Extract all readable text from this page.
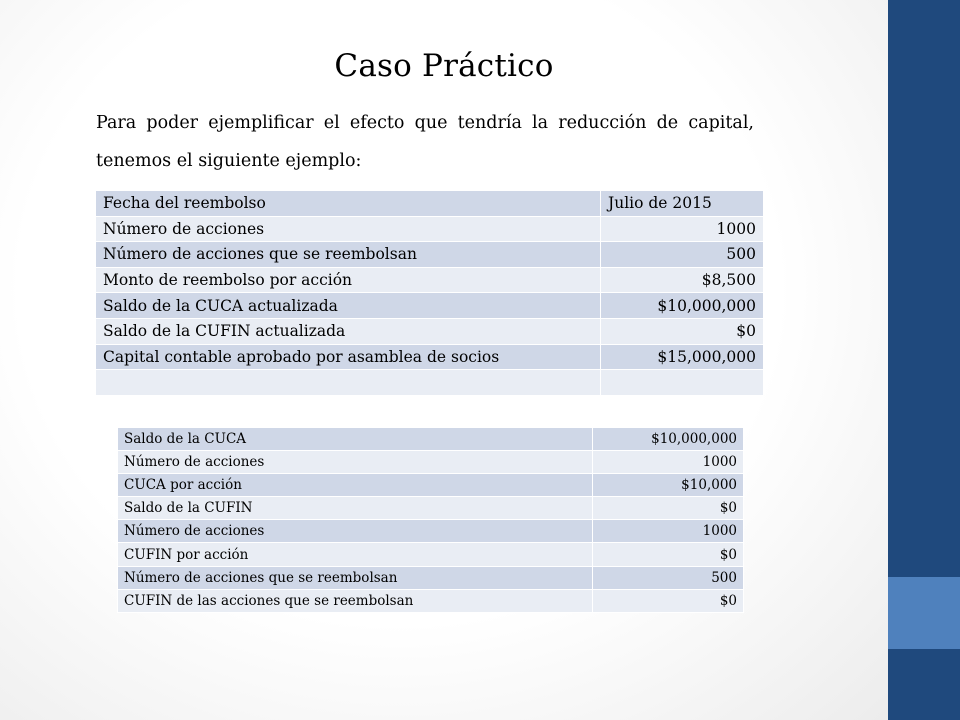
Caso Práctico
Para poder ejemplificar el efecto que tendría la reducción de capital, tenemos el siguiente ejemplo:
Fecha del reembolso	Julio de 2015
Número de acciones	1000
Número de acciones que se reembolsan	500
Monto de reembolso por acción	$8,500
Saldo de la CUCA actualizada	$10,000,000
Saldo de la CUFIN actualizada	$0
Capital contable aprobado por asamblea de socios	$15,000,000

Saldo de la CUCA	$10,000,000
Número de acciones	1000
CUCA por acción	$10,000
Saldo de la CUFIN	$0
Número de acciones	1000
CUFIN por acción	$0
Número de acciones que se reembolsan	500
CUFIN de las acciones que se reembolsan	$0
